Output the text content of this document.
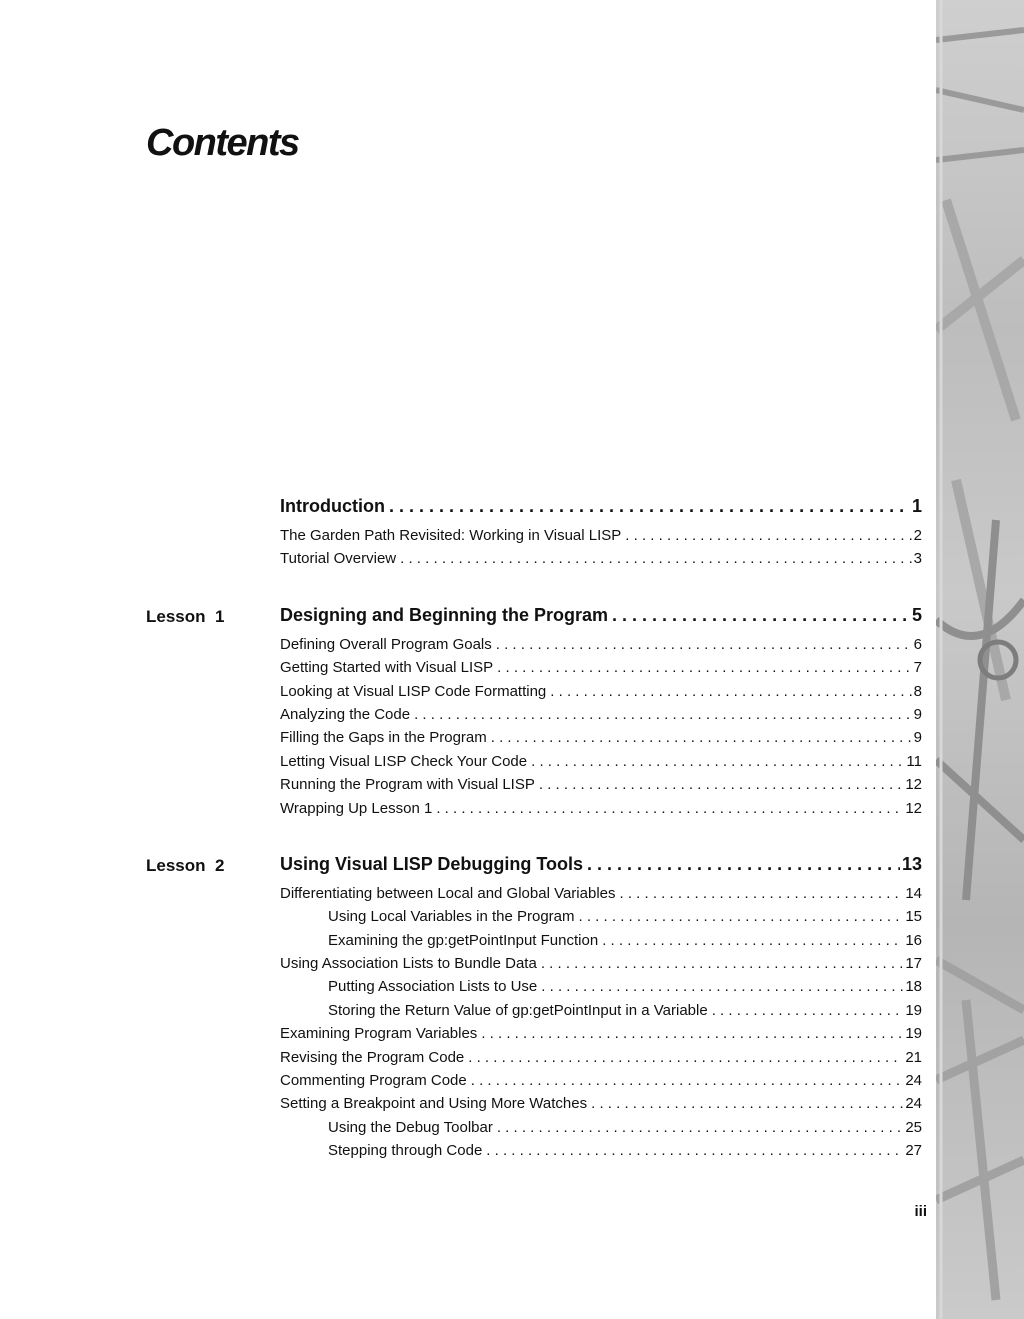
Contents
Introduction . . .	1
The Garden Path Revisited: Working in Visual LISP . . .	2
Tutorial Overview . . .	3
Lesson  1	Designing and Beginning the Program . . .	5
Defining Overall Program Goals . . .	6
Getting Started with Visual LISP . . .	7
Looking at Visual LISP Code Formatting . . .	8
Analyzing the Code . . .	9
Filling the Gaps in the Program . . .	9
Letting Visual LISP Check Your Code . . .	11
Running the Program with Visual LISP . . .	12
Wrapping Up Lesson 1 . . .	12
Lesson  2	Using Visual LISP Debugging Tools . . .	13
Differentiating between Local and Global Variables . . .	14
Using Local Variables in the Program . . .	15
Examining the gp:getPointInput Function . . .	16
Using Association Lists to Bundle Data . . .	17
Putting Association Lists to Use . . .	18
Storing the Return Value of gp:getPointInput in a Variable . . .	19
Examining Program Variables . . .	19
Revising the Program Code . . .	21
Commenting Program Code . . .	24
Setting a Breakpoint and Using More Watches . . .	24
Using the Debug Toolbar . . .	25
Stepping through Code . . .	27
iii
